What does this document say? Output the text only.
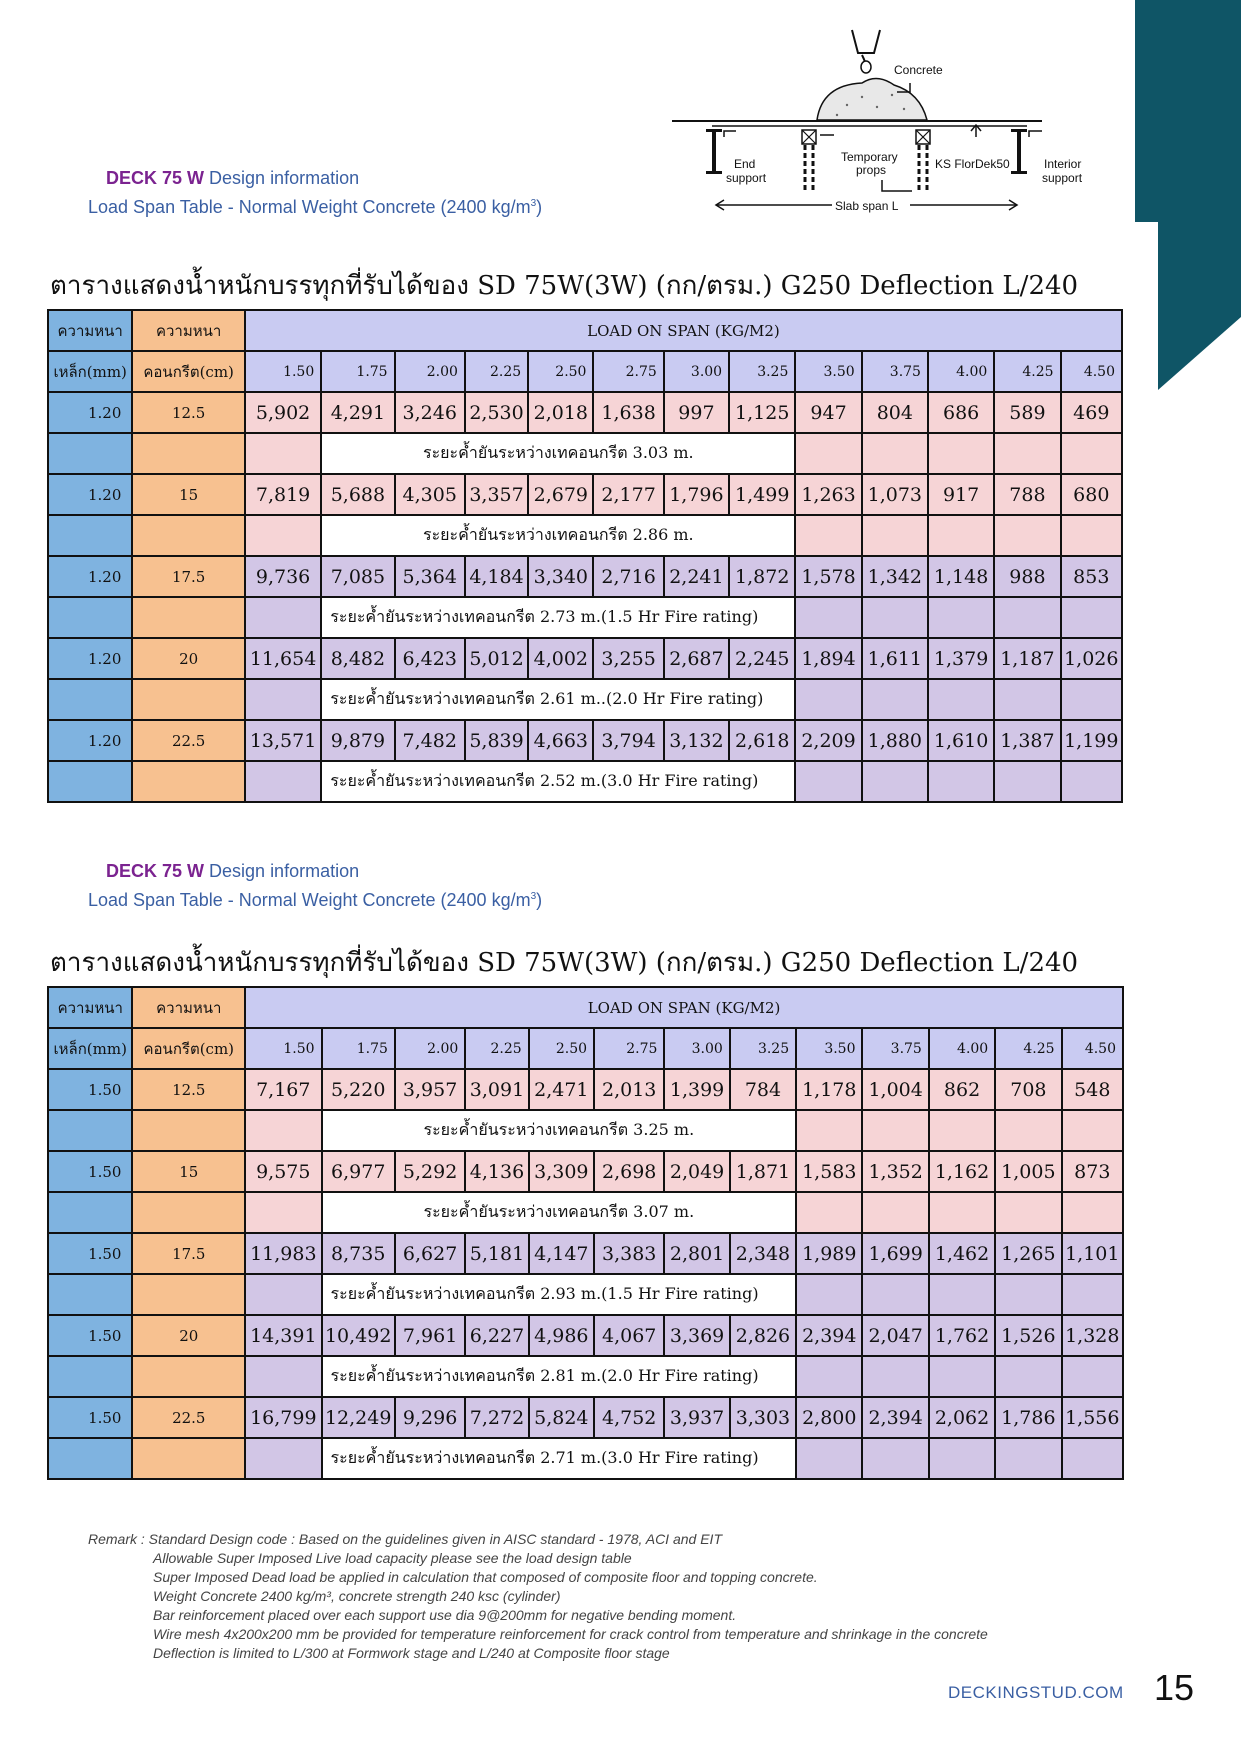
Concrete
End
support
Temporary
props	KS FlorDek50	Interior
support
Slab span L
DECK 75 W Design information
Load Span Table - Normal Weight Concrete (2400 $kg/m^3$)
ตารางแสดงน้ำหนักบรรทุกที่รับได้ของ SD 75W(3W) (กก/ตรม.) G250 Deflection L/240
ความหนา	ความหนา	LOAD ON SPAN (KG/M2)												
เหล็ก(mm)	คอนกรีต(cm)	1.50	1.75	2.00	2.25	2.50	2.75	3.00	3.25	3.50	3.75	4.00	4.25	4.50
1.20	12.5	5,902	4,291	3,246	2,530	2,018	1,638	997	1,125	947	804	686	589	469
			ระยะค้ำยันระหว่างเทคอนกรีต 3.03 m.											
1.20	15	7,819	5,688	4,305	3,357	2,679	2,177	1,796	1,499	1,263	1,073	917	788	680
			ระยะค้ำยันระหว่างเทคอนกรีต 2.86 m.											
1.20	17.5	9,736	7,085	5,364	4,184	3,340	2,716	2,241	1,872	1,578	1,342	1,148	988	853
			ระยะค้ำยันระหว่างเทคอนกรีต 2.73 m.(1.5 Hr Fire rating)											
1.20	20	11,654	8,482	6,423	5,012	4,002	3,255	2,687	2,245	1,894	1,611	1,379	1,187	1,026
			ระยะค้ำยันระหว่างเทคอนกรีต 2.61 m..(2.0 Hr Fire rating)											
1.20	22.5	13,571	9,879	7,482	5,839	4,663	3,794	3,132	2,618	2,209	1,880	1,610	1,387	1,199
			ระยะค้ำยันระหว่างเทคอนกรีต 2.52 m.(3.0 Hr Fire rating)											
DECK 75 W Design information
Load Span Table - Normal Weight Concrete (2400 $kg/m^3$)
ตารางแสดงน้ำหนักบรรทุกที่รับได้ของ SD 75W(3W) (กก/ตรม.) G250 Deflection L/240
ความหนา	ความหนา	LOAD ON SPAN (KG/M2)												
เหล็ก(mm)	คอนกรีต(cm)	1.50	1.75	2.00	2.25	2.50	2.75	3.00	3.25	3.50	3.75	4.00	4.25	4.50
1.50	12.5	7,167	5,220	3,957	3,091	2,471	2,013	1,399	784	1,178	1,004	862	708	548
			ระยะค้ำยันระหว่างเทคอนกรีต 3.25 m.											
1.50	15	9,575	6,977	5,292	4,136	3,309	2,698	2,049	1,871	1,583	1,352	1,162	1,005	873
			ระยะค้ำยันระหว่างเทคอนกรีต 3.07 m.											
1.50	17.5	11,983	8,735	6,627	5,181	4,147	3,383	2,801	2,348	1,989	1,699	1,462	1,265	1,101
			ระยะค้ำยันระหว่างเทคอนกรีต 2.93 m.(1.5 Hr Fire rating)											
1.50	20	14,391	10,492	7,961	6,227	4,986	4,067	3,369	2,826	2,394	2,047	1,762	1,526	1,328
			ระยะค้ำยันระหว่างเทคอนกรีต 2.81 m.(2.0 Hr Fire rating)											
1.50	22.5	16,799	12,249	9,296	7,272	5,824	4,752	3,937	3,303	2,800	2,394	2,062	1,786	1,556
			ระยะค้ำยันระหว่างเทคอนกรีต 2.71 m.(3.0 Hr Fire rating)											
Remark : Standard Design code : Based on the guidelines given in AISC standard - 1978, ACI and EIT
Allowable Super Imposed Live load capacity please see the load design table
Super Imposed Dead load be applied in calculation that composed of composite floor and topping concrete.
Weight Concrete 2400 kg/m³, concrete strength 240 ksc (cylinder)
Bar reinforcement placed over each support use dia 9@200mm for negative bending moment.
Wire mesh 4x200x200 mm be provided for temperature reinforcement for crack control from temperature and shrinkage in the concrete
Deflection is limited to L/300 at Formwork stage and L/240 at Composite floor stage
DECKINGSTUD.COM 15
